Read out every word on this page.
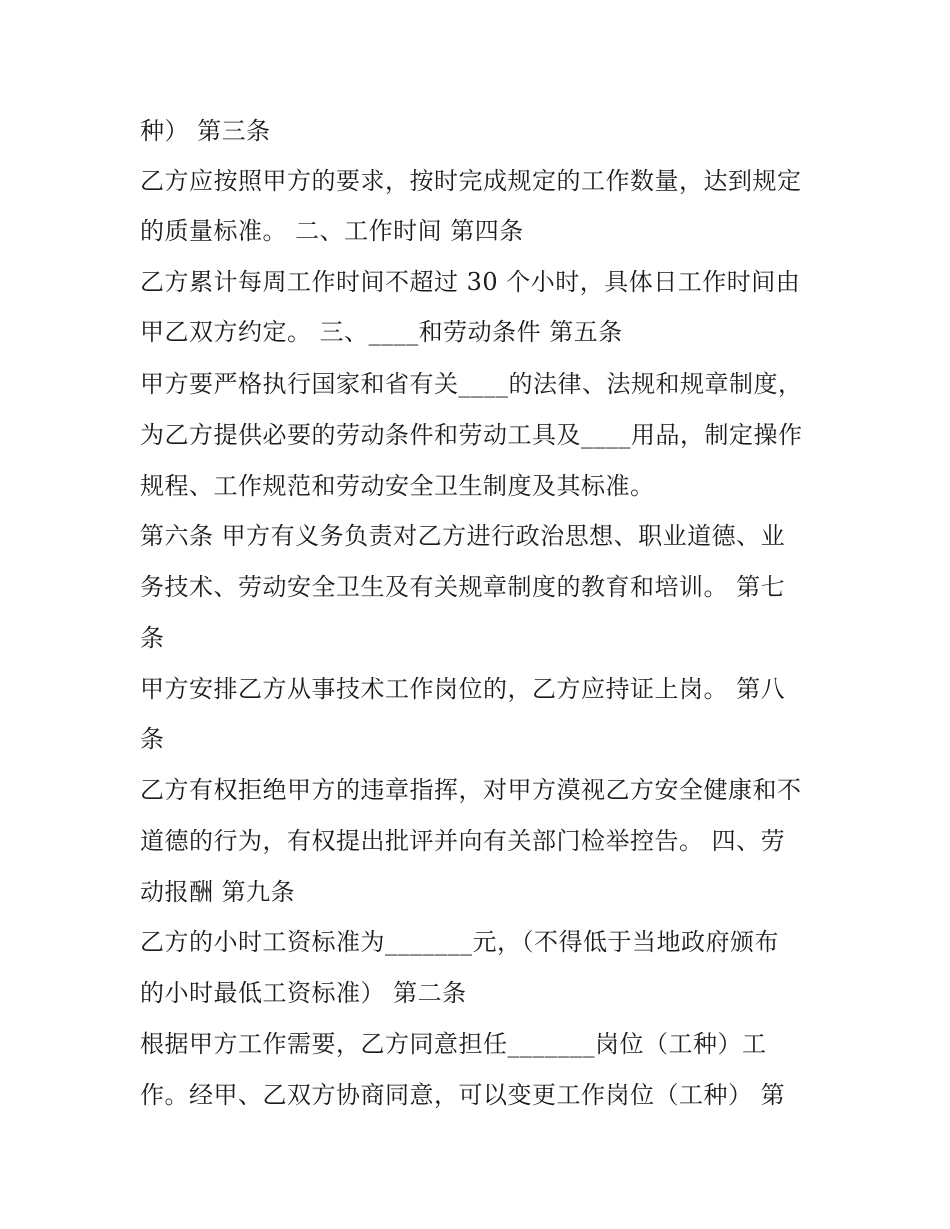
种） 第三条
乙方应按照甲方的要求，按时完成规定的工作数量，达到规定
的质量标准。 二、工作时间 第四条
乙方累计每周工作时间不超过 30 个小时，具体日工作时间由
甲乙双方约定。 三、____和劳动条件 第五条
甲方要严格执行国家和省有关____的法律、法规和规章制度，
为乙方提供必要的劳动条件和劳动工具及____用品，制定操作
规程、工作规范和劳动安全卫生制度及其标准。
第六条 甲方有义务负责对乙方进行政治思想、职业道德、业
务技术、劳动安全卫生及有关规章制度的教育和培训。 第七
条
甲方安排乙方从事技术工作岗位的，乙方应持证上岗。 第八
条
乙方有权拒绝甲方的违章指挥，对甲方漠视乙方安全健康和不
道德的行为，有权提出批评并向有关部门检举控告。 四、劳
动报酬 第九条
乙方的小时工资标准为_______元，（不得低于当地政府颁布
的小时最低工资标准） 第二条
根据甲方工作需要，乙方同意担任_______岗位（工种）工
作。经甲、乙双方协商同意，可以变更工作岗位（工种） 第
